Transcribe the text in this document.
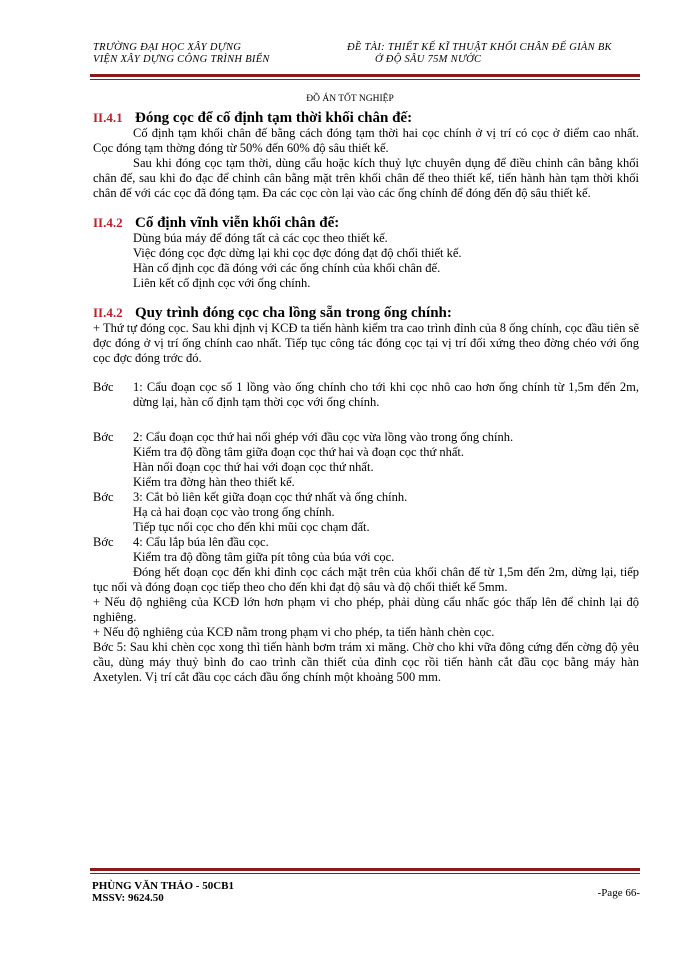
TRƯỜNG ĐẠI HỌC XÂY DỰNG
VIỆN XÂY DỰNG CÔNG TRÌNH BIỂN
ĐỀ TÀI: THIẾT KẾ KĨ THUẬT KHỐI CHÂN ĐẾ GIÀN BK
Ở ĐỘ SÂU 75M NƯỚC
ĐỒ ÁN TỐT NGHIỆP
II.4.1 Đóng cọc để cố định tạm thời khối chân đế:

Cố định tạm khối chân đế bằng cách đóng tạm thời hai cọc chính ở vị trí có cọc ở điểm cao nhất. Cọc đóng tạm thờng đóng từ 50% đến 60% độ sâu thiết kế.

Sau khi đóng cọc tạm thời, dùng cẩu hoặc kích thuỷ lực chuyên dụng để điều chỉnh cân bằng khối chân đế, sau khi đo đạc để chỉnh cân bằng mặt trên khối chân đế theo thiết kế, tiến hành hàn tạm thời khối chân đế với các cọc đã đóng tạm. Đa các cọc còn lại vào các ống chính để đóng đến độ sâu thiết kế.

II.4.2 Cố định vĩnh viễn khối chân đế:

Dùng búa máy để đóng tất cả các cọc theo thiết kế.

Việc đóng cọc đợc dừng lại khi cọc đợc đóng đạt độ chối thiết kế.

Hàn cố định cọc đã đóng với các ống chính của khối chân đế.

Liên kết cố định cọc với ống chính.

II.4.2 Quy trình đóng cọc cha lồng sẵn trong ống chính:

+ Thứ tự đóng cọc. Sau khi định vị KCĐ ta tiến hành kiểm tra cao trình đỉnh của 8 ống chính, cọc đầu tiên sẽ đợc đóng ở vị trí ống chính cao nhất. Tiếp tục công tác đóng cọc tại vị trí đối xứng theo đờng chéo với ống cọc đợc đóng trớc đó.

Bớc	1: Cẩu đoạn cọc số 1 lồng vào ống chính cho tới khi cọc nhô cao hơn ống chính từ 1,5m đến 2m, dừng lại, hàn cố định tạm thời cọc với ống chính.
Bớc	2: Cẩu đoạn cọc thứ hai nối ghép với đầu cọc vừa lồng vào trong ống chính.

Kiểm tra độ đồng tâm giữa đoạn cọc thứ hai và đoạn cọc thứ nhất.

Hàn nối đoạn cọc thứ hai với đoạn cọc thứ nhất.

Kiểm tra đờng hàn theo thiết kế.

Bớc	3: Cắt bỏ liên kết giữa đoạn cọc thứ nhất và ống chính.

Hạ cả hai đoạn cọc vào trong ống chính.

Tiếp tục nối cọc cho đến khi mũi cọc chạm đất.

Bớc	4: Cẩu lắp búa lên đầu cọc.

Kiểm tra độ đồng tâm giữa pít tông của búa với cọc.

Đóng hết đoạn cọc đến khi đỉnh cọc cách mặt trên của khối chân đế từ 1,5m đến 2m, dừng lại, tiếp tục nối và đóng đoạn cọc tiếp theo cho đến khi đạt độ sâu và độ chối thiết kế 5mm.

+ Nếu độ nghiêng của KCĐ lớn hơn phạm vi cho phép, phải dùng cẩu nhấc góc thấp lên để chỉnh lại độ nghiêng.

+ Nếu độ nghiêng của KCĐ nằm trong phạm vi cho phép, ta tiến hành chèn cọc.

Bớc 5: Sau khi chèn cọc xong thì tiến hành bơm trám xi măng. Chờ cho khi vữa đông cứng đến cờng độ yêu cầu, dùng máy thuỷ bình đo cao trình cần thiết của đỉnh cọc rồi tiến hành cắt đầu cọc bằng máy hàn Axetylen. Vị trí cắt đầu cọc cách đầu ống chính một khoảng 500 mm.

PHÙNG VĂN THẢO - 50CB1
MSSV: 9624.50	-Page 66-
